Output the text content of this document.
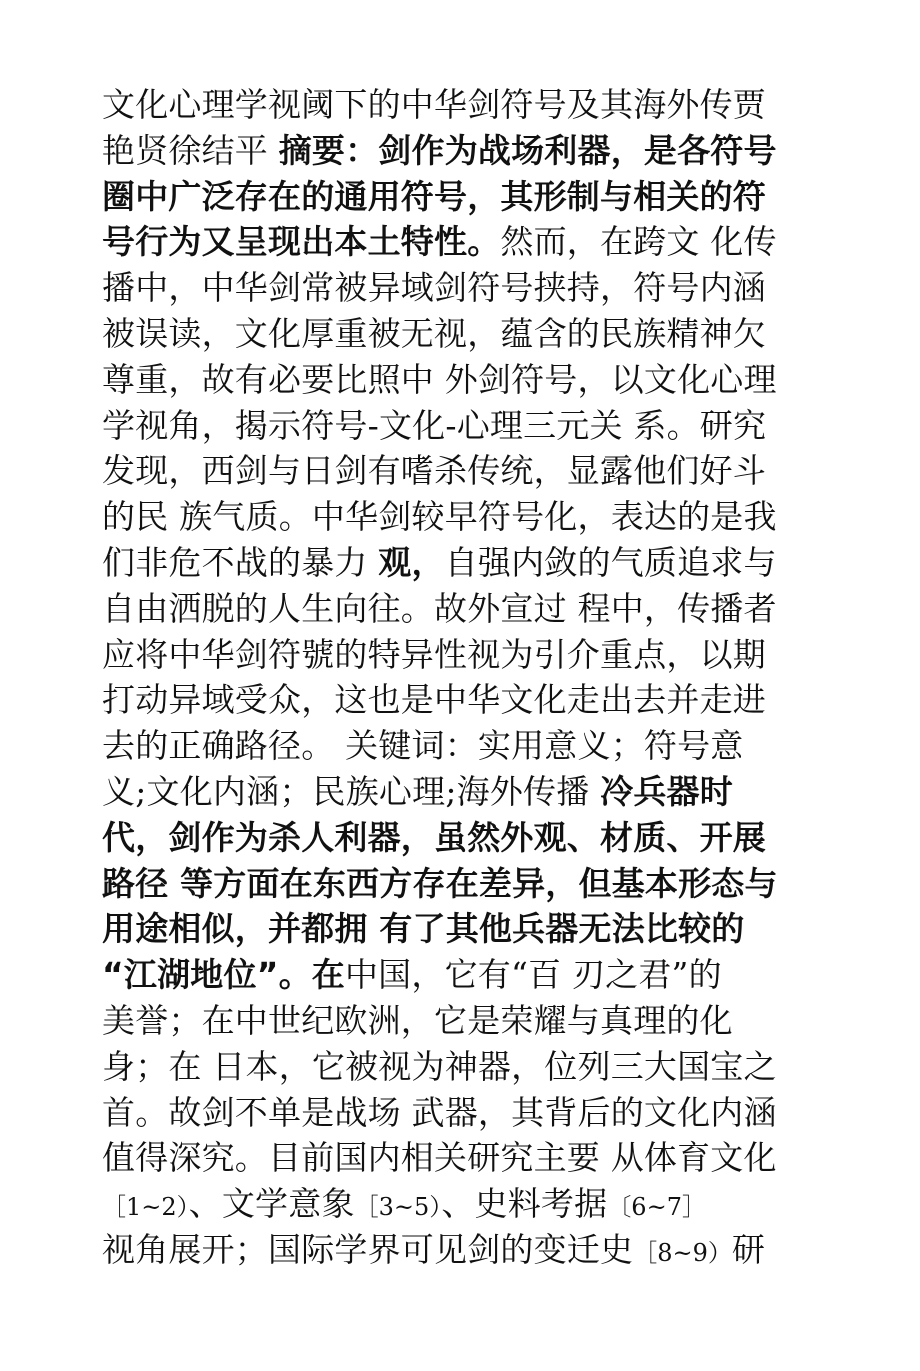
文化心理学视阈下的中华剑符号及其海外传贾
艳贤徐结平 摘要：剑作为战场利器，是各符号
圈中广泛存在的通用符号，其形制与相关的符
号行为又呈现出本土特性。然而，在跨文 化传
播中，中华剑常被异域剑符号挟持，符号内涵
被误读，文化厚重被无视，蕴含的民族精神欠
尊重，故有必要比照中 外剑符号，以文化心理
学视角，揭示符号-文化-心理三元关 系。研究
发现，西剑与日剑有嗜杀传统，显露他们好斗
的民 族气质。中华剑较早符号化，表达的是我
们非危不战的暴力 观，自强内敛的气质追求与
自由洒脱的人生向往。故外宣过 程中，传播者
应将中华剑符號的特异性视为引介重点，以期
打动异域受众，这也是中华文化走出去并走进
去的正确路径。 关键词：实用意义；符号意
义;文化内涵；民族心理;海外传播 冷兵器时
代，剑作为杀人利器，虽然外观、材质、开展
路径 等方面在东西方存在差异，但基本形态与
用途相似，并都拥 有了其他兵器无法比较的
“江湖地位”。在中国，它有“百 刃之君”的
美誉；在中世纪欧洲，它是荣耀与真理的化
身；在 日本，它被视为神器，位列三大国宝之
首。故剑不单是战场 武器，其背后的文化内涵
值得深究。目前国内相关研究主要 从体育文化
［1~2）、文学意象［3~5）、史料考据〔6~7］
视角展开；国际学界可见剑的变迁史［8~9）研
